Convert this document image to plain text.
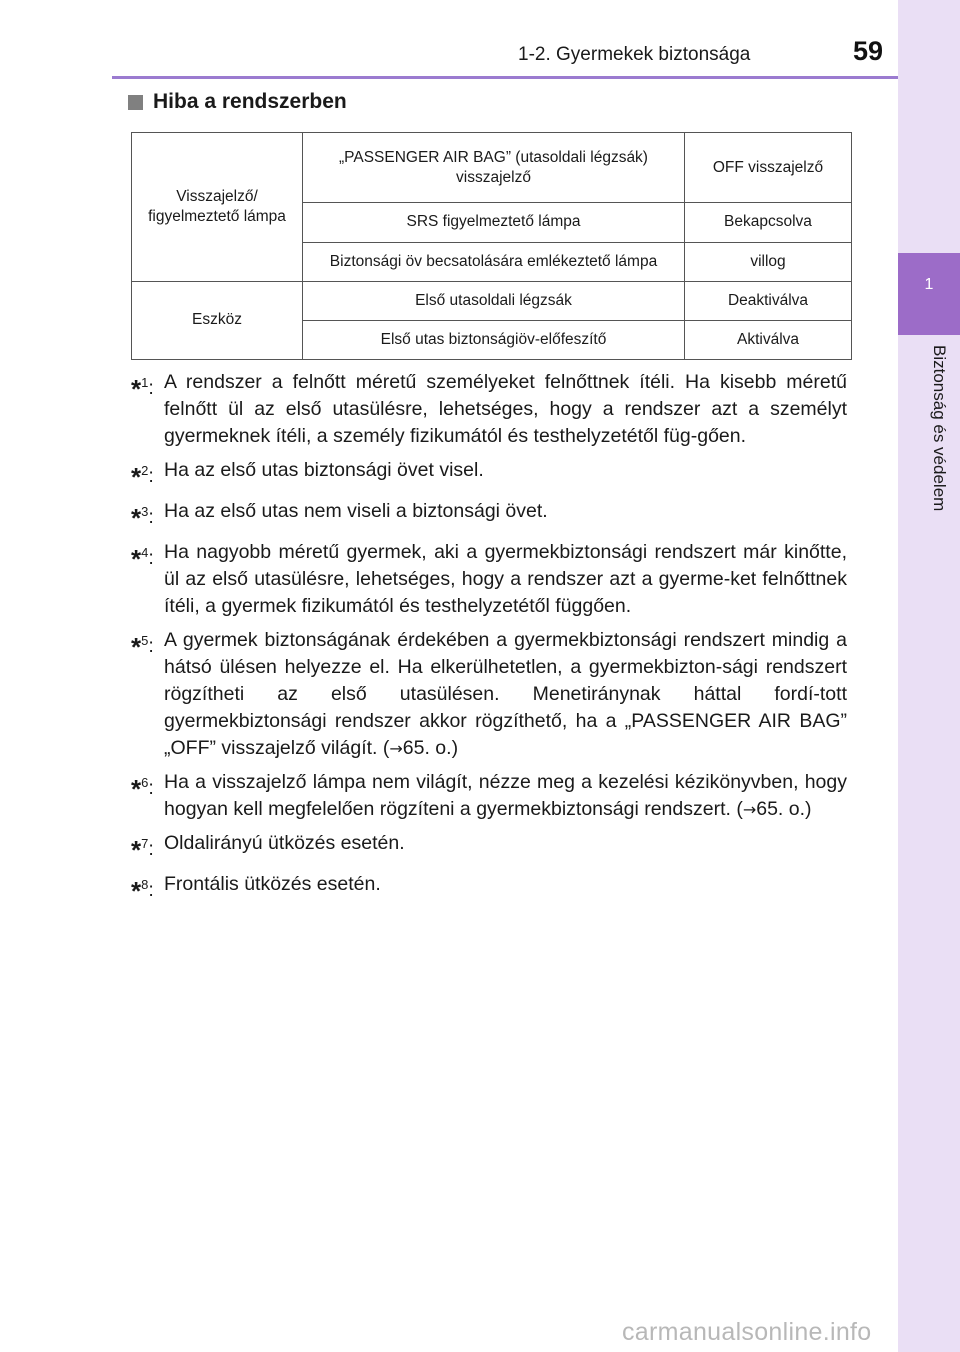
1
Biztonság és védelem
1-2. Gyermekek biztonsága	59
Hiba a rendszerben
Visszajelző/ figyelmeztető lámpa	„PASSENGER AIR BAG” (utasoldali légzsák) visszajelző	OFF visszajelző
	SRS figyelmeztető lámpa	Bekapcsolva
	Biztonsági öv becsatolására emlékeztető lámpa	villog
Eszköz	Első utasoldali légzsák	Deaktiválva
	Első utas biztonságiöv-előfeszítő	Aktiválva
*$^1$: A rendszer a felnőtt méretű személyeket felnőttnek ítéli. Ha kisebb méretű felnőtt ül az első utasülésre, lehetséges, hogy a rendszer azt a személyt gyermeknek ítéli, a személy fizikumától és testhelyzetétől füg-gően.
*$^2$: Ha az első utas biztonsági övet visel.
*$^3$: Ha az első utas nem viseli a biztonsági övet.
*$^4$: Ha nagyobb méretű gyermek, aki a gyermekbiztonsági rendszert már kinőtte, ül az első utasülésre, lehetséges, hogy a rendszer azt a gyerme-ket felnőttnek ítéli, a gyermek fizikumától és testhelyzetétől függően.
*$^5$: A gyermek biztonságának érdekében a gyermekbiztonsági rendszert mindig a hátsó ülésen helyezze el. Ha elkerülhetetlen, a gyermekbizton-sági rendszert rögzítheti az első utasülésen. Menetiránynak háttal fordí-tott gyermekbiztonsági rendszer akkor rögzíthető, ha a „PASSENGER AIR BAG” „OFF” visszajelző világít. (→65. o.)
*$^6$: Ha a visszajelző lámpa nem világít, nézze meg a kezelési kézikönyvben, hogy hogyan kell megfelelően rögzíteni a gyermekbiztonsági rendszert. (→65. o.)
*$^7$: Oldalirányú ütközés esetén.
*$^8$: Frontális ütközés esetén.
carmanualsonline.info
